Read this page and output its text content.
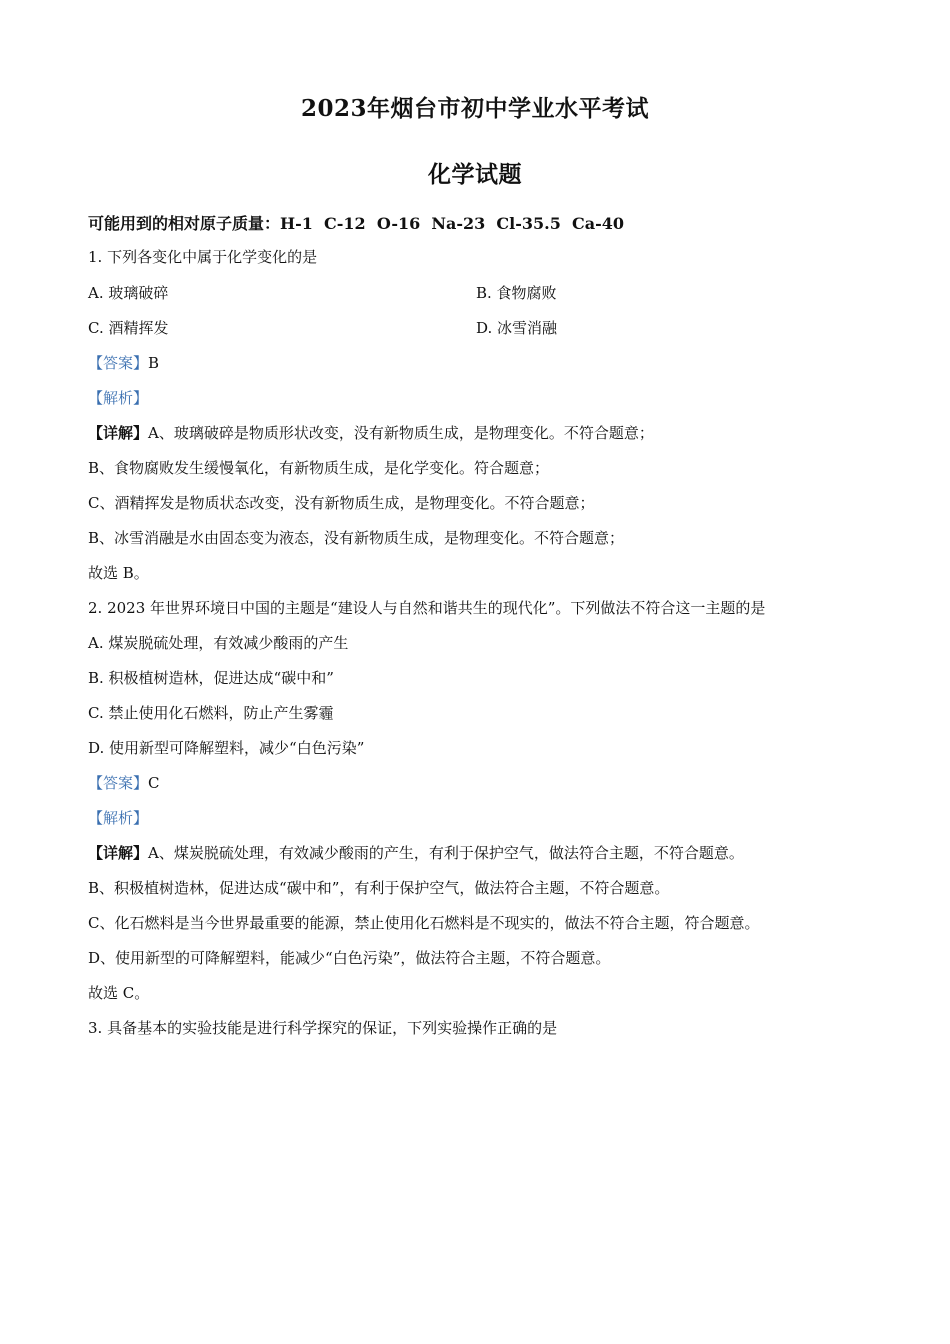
2023年烟台市初中学业水平考试
化学试题
可能用到的相对原子质量：H-1  C-12  O-16  Na-23  Cl-35.5  Ca-40
1. 下列各变化中属于化学变化的是
A. 玻璃破碎	B. 食物腐败
C. 酒精挥发	D. 冰雪消融
【答案】B
【解析】
【详解】A、玻璃破碎是物质形状改变，没有新物质生成，是物理变化。不符合题意；
B、食物腐败发生缓慢氧化，有新物质生成，是化学变化。符合题意；
C、酒精挥发是物质状态改变，没有新物质生成，是物理变化。不符合题意；
B、冰雪消融是水由固态变为液态，没有新物质生成，是物理变化。不符合题意；
故选 B。
2. 2023 年世界环境日中国的主题是“建设人与自然和谐共生的现代化”。下列做法不符合这一主题的是
A. 煤炭脱硫处理，有效减少酸雨的产生
B. 积极植树造林，促进达成“碳中和”
C. 禁止使用化石燃料，防止产生雾霾
D. 使用新型可降解塑料，减少“白色污染”
【答案】C
【解析】
【详解】A、煤炭脱硫处理，有效减少酸雨的产生，有利于保护空气，做法符合主题，不符合题意。
B、积极植树造林，促进达成“碳中和”，有利于保护空气，做法符合主题，不符合题意。
C、化石燃料是当今世界最重要的能源，禁止使用化石燃料是不现实的，做法不符合主题，符合题意。
D、使用新型的可降解塑料，能减少“白色污染”，做法符合主题，不符合题意。
故选 C。
3. 具备基本的实验技能是进行科学探究的保证，下列实验操作正确的是
